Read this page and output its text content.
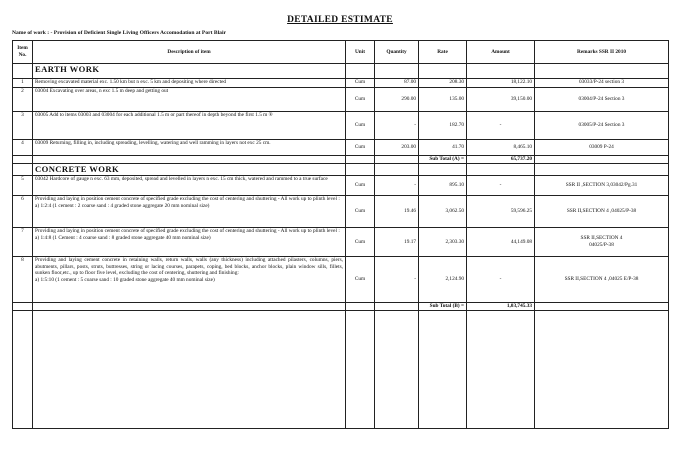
DETAILED ESTIMATE
Name of work : - Provision of Deficient Single Living Officers Accomodation at Port Blair
Item
No.	Description of item	Unit	Quantity	Rate	Amount	Remarks SSR II 2010
	EARTH WORK					
1	Removing excavated material exc. 1.50 km but n exc. 5 km and depositing where directed	Cum	87.00	208.30	18,122.10	03033/P-24 section 3
2	03004 Excavating over areas, n exc 1.5 m deep and getting out	Cum	290.00	135.00	39,150.00	03004/P-24 Section 3
3	03005 Add to items 03003 and 03004 for each additional 1.5 m or part thereof in depth beyond the first 1.5 m ®	Cum	-	182.70	-	03005/P-24 Section 3
4	03009 Returning, filling in, including spreading, levelling, watering and well ramming in layers not exc 25 cm.	Cum	203.00	41.70	8,465.10	03009 P-24
				Sub Total (A) =	65,737.20	
	CONCRETE WORK					
5	03042 Hardcore of gauge n exc. 63 mm, deposited, spread and levelled in layers n exc. 15 cm thick, watered and rammed to a true surface	Cum	-	895.10	-	SSR II ,SECTION 3,03042/Pg.31
6	Providing and laying in position cement concrete of specified grade excluding the cost of centering and shuttering - All work up to plinth level :
a) 1:2:4 (1 cement : 2 coarse sand : 4 graded stone aggregate 20 mm nominal size)	Cum	19.46	3,062.50	59,596.25	SSR II,SECTION 4 ,04025/P-38
7	Providing and laying in position cement concrete of specified grade excluding the cost of centering and shuttering - All work up to plinth level :
a) 1:4:8 (1 Cement : 4 coarse sand : 8 graded stone aggregate 40 mm nominal size)	Cum	19.17	2,303.30	44,149.08	SSR II,SECTION 4
04025/P-38
8	Providing and laying cement concrete in retaining walls, return walls, walls (any thickness) including attached pilasters, columns, piers, abutments, pillars, posts, struts, buttresses, string or lacing courses, parapets, coping, bed blocks, anchor blocks, plain window sills, fillets, sunken floor,etc., up to floor five level, excluding the cost of centering, shuttering and finishing:
a) 1:5:10 (1 cement : 5 coarse sand : 10 graded stone aggregate 40 mm nominal size)	Cum	-	2,124.90	-	SSR II,SECTION 4 ,04025 E/P-38
				Sub Total (B) =	1,03,745.33	
